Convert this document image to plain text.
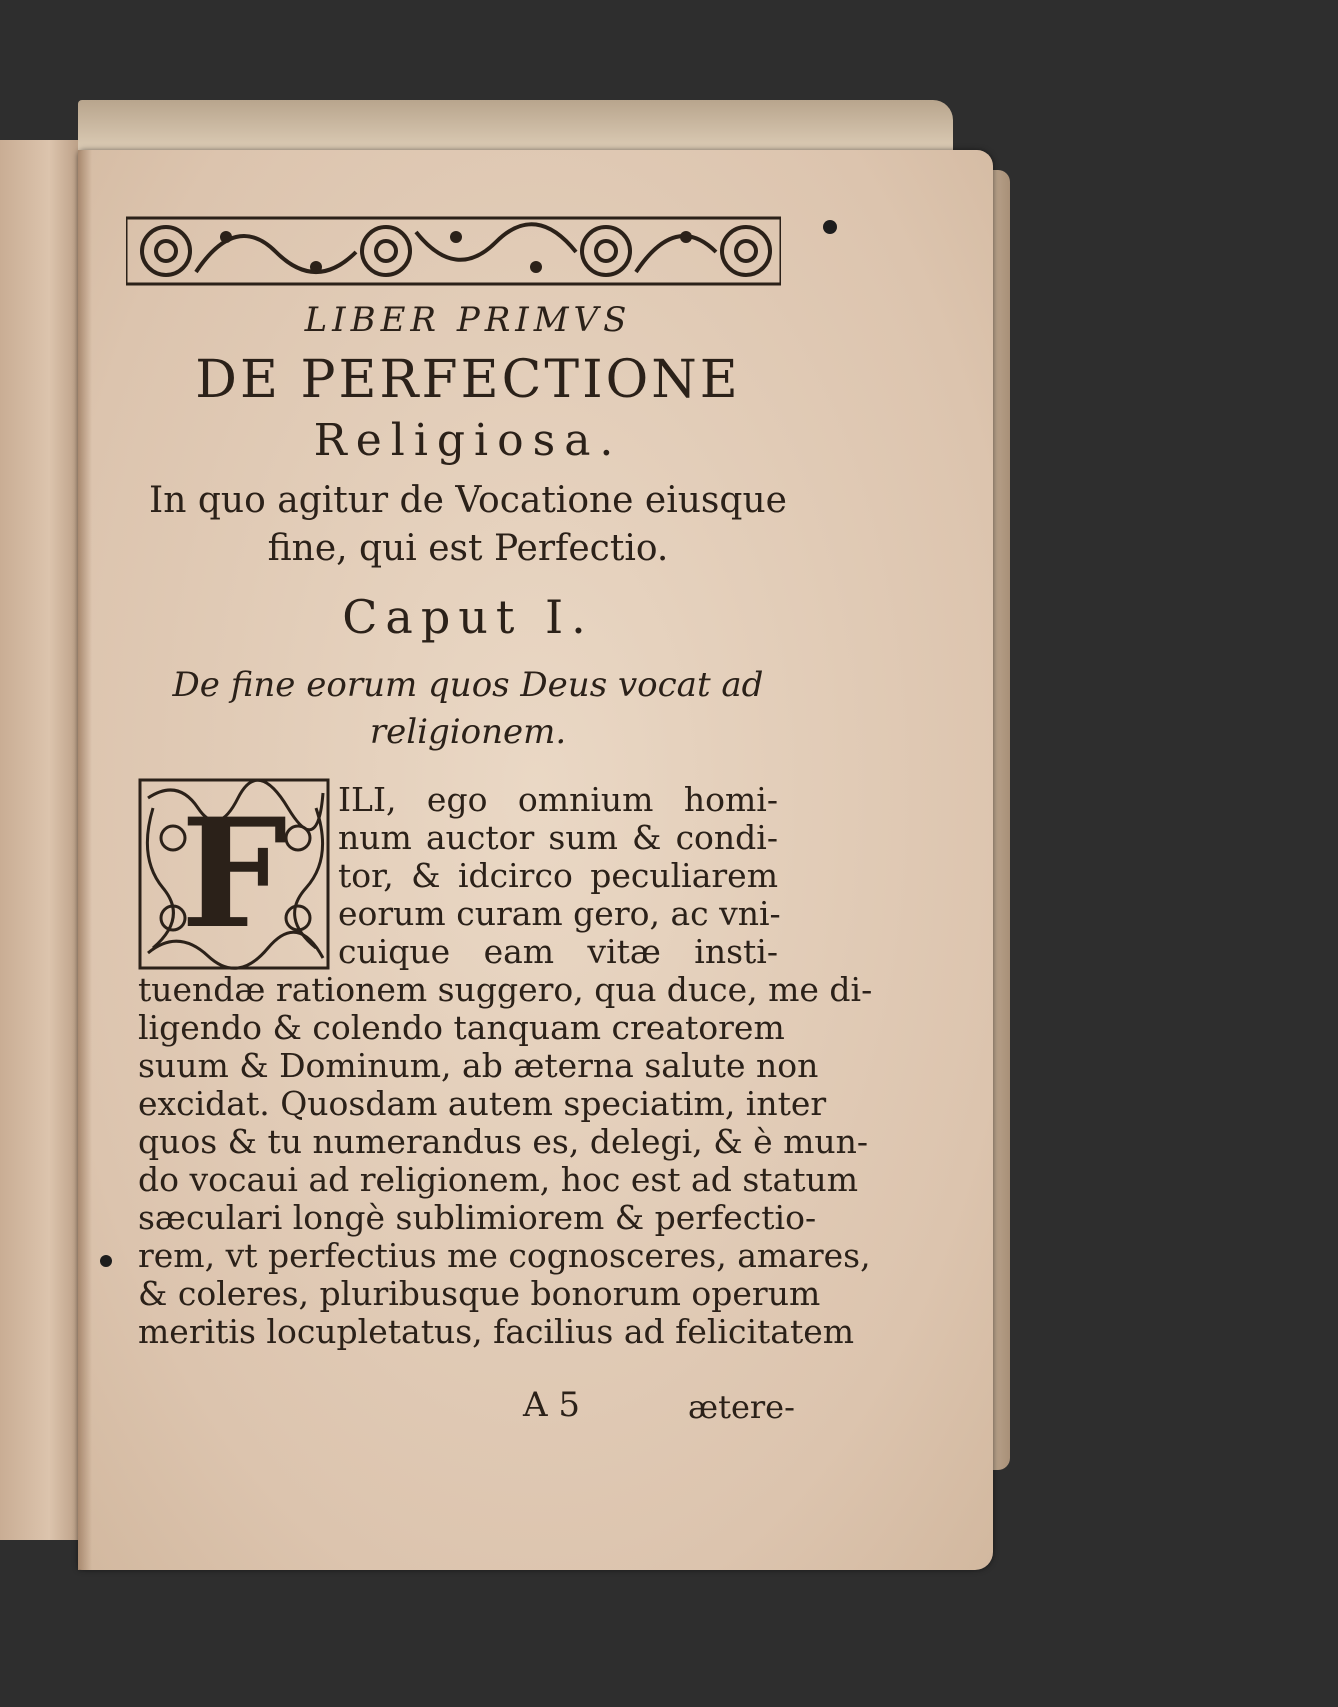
LIBER PRIMVS
DE PERFECTIONE
Religiosa.
In quo agitur de Vocatione eiusque
fine, qui est Perfectio.
Caput I.
De fine eorum quos Deus vocat ad
religionem.
F	ILI, ego omnium homi-
num auctor sum & condi-
tor, & idcirco peculiarem
eorum curam gero, ac vni-
cuique eam vitæ insti-
tuendæ rationem suggero, qua duce, me di-
ligendo & colendo tanquam creatorem
suum & Dominum, ab æterna salute non
excidat. Quosdam autem speciatim, inter
quos & tu numerandus es, delegi, & è mun-
do vocaui ad religionem, hoc est ad statum
sæculari longè sublimiorem & perfectio-
rem, vt perfectius me cognosceres, amares,
& coleres, pluribusque bonorum operum
meritis locupletatus, facilius ad felicitatem
A 5	ætere-
